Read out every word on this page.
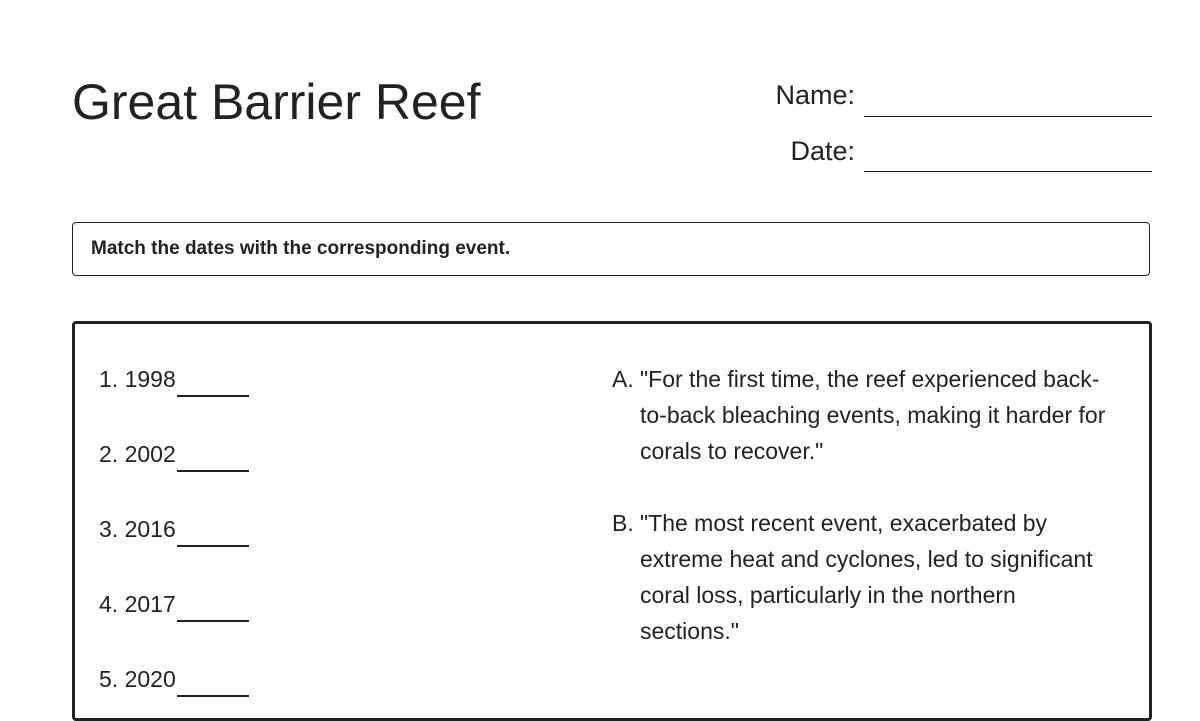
Great Barrier Reef	Name:
Date:
Match the dates with the corresponding event.
1. 1998
2. 2002
3. 2016
4. 2017
5. 2020
A. "For the first time, the reef experienced back-to-back bleaching events, making it harder for corals to recover."
B. "The most recent event, exacerbated by extreme heat and cyclones, led to significant coral loss, particularly in the northern sections."
